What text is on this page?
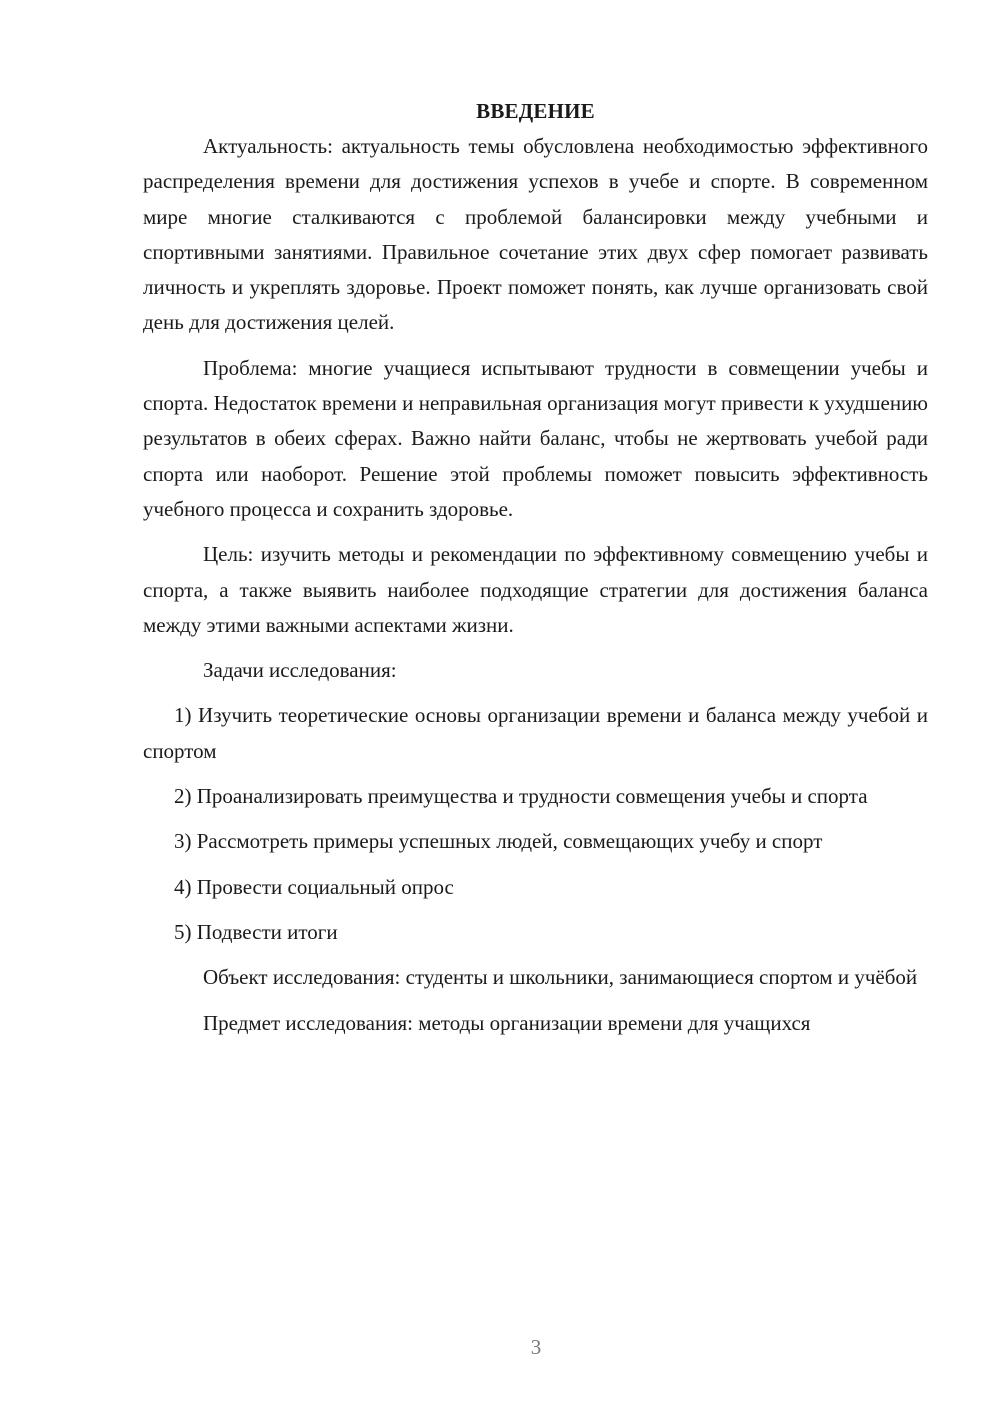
ВВЕДЕНИЕ

Актуальность: актуальность темы обусловлена необходимостью эффективного распределения времени для достижения успехов в учебе и спорте. В современном мире многие сталкиваются с проблемой балансировки между учебными и спортивными занятиями. Правильное сочетание этих двух сфер помогает развивать личность и укреплять здоровье. Проект поможет понять, как лучше организовать свой день для достижения целей.

Проблема: многие учащиеся испытывают трудности в совмещении учебы и спорта. Недостаток времени и неправильная организация могут привести к ухудшению результатов в обеих сферах. Важно найти баланс, чтобы не жертвовать учебой ради спорта или наоборот. Решение этой проблемы поможет повысить эффективность учебного процесса и сохранить здоровье.

Цель: изучить методы и рекомендации по эффективному совмещению учебы и спорта, а также выявить наиболее подходящие стратегии для достижения баланса между этими важными аспектами жизни.

Задачи исследования:

1) Изучить теоретические основы организации времени и баланса между учебой и спортом

2) Проанализировать преимущества и трудности совмещения учебы и спорта

3) Рассмотреть примеры успешных людей, совмещающих учебу и спорт

4) Провести социальный опрос

5) Подвести итоги

Объект исследования: студенты и школьники, занимающиеся спортом и учёбой

Предмет исследования: методы организации времени для учащихся

3
